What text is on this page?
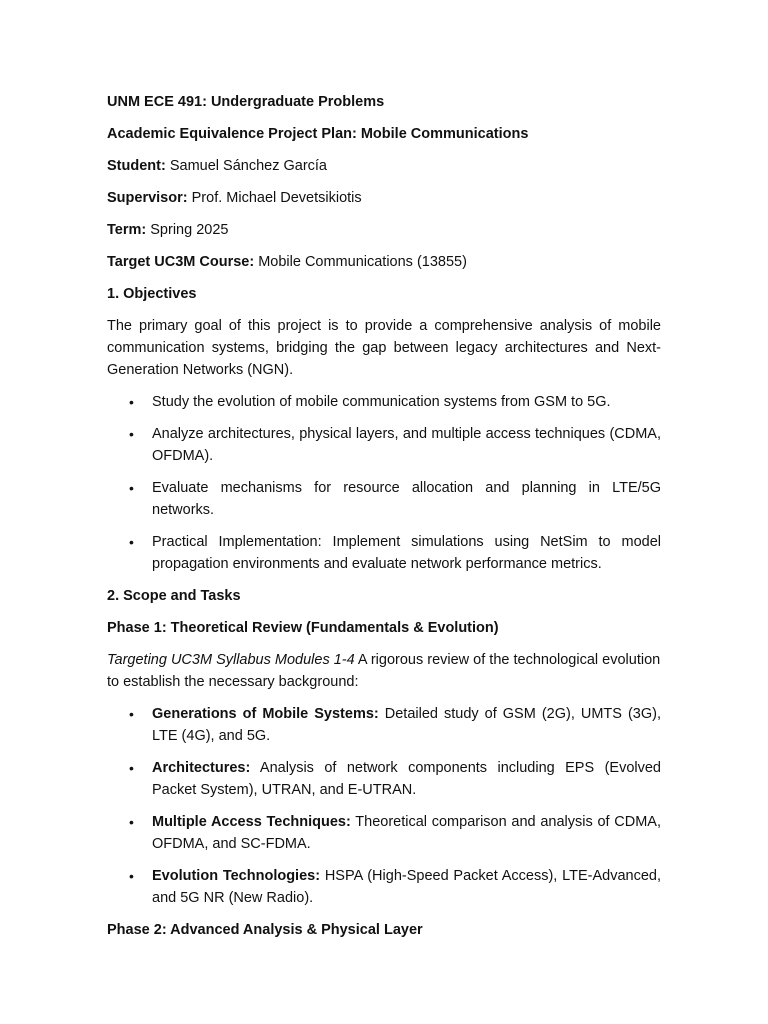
UNM ECE 491: Undergraduate Problems

Academic Equivalence Project Plan: Mobile Communications

Student: Samuel Sánchez García

Supervisor: Prof. Michael Devetsikiotis

Term: Spring 2025

Target UC3M Course: Mobile Communications (13855)

1. Objectives

The primary goal of this project is to provide a comprehensive analysis of mobile communication systems, bridging the gap between legacy architectures and Next-Generation Networks (NGN).

• Study the evolution of mobile communication systems from GSM to 5G.
• Analyze architectures, physical layers, and multiple access techniques (CDMA, OFDMA).
• Evaluate mechanisms for resource allocation and planning in LTE/5G networks.
• Practical Implementation: Implement simulations using NetSim to model propagation environments and evaluate network performance metrics.

2. Scope and Tasks

Phase 1: Theoretical Review (Fundamentals & Evolution)

Targeting UC3M Syllabus Modules 1-4 A rigorous review of the technological evolution to establish the necessary background:

• Generations of Mobile Systems: Detailed study of GSM (2G), UMTS (3G), LTE (4G), and 5G.
• Architectures: Analysis of network components including EPS (Evolved Packet System), UTRAN, and E-UTRAN.
• Multiple Access Techniques: Theoretical comparison and analysis of CDMA, OFDMA, and SC-FDMA.
• Evolution Technologies: HSPA (High-Speed Packet Access), LTE-Advanced, and 5G NR (New Radio).

Phase 2: Advanced Analysis & Physical Layer
